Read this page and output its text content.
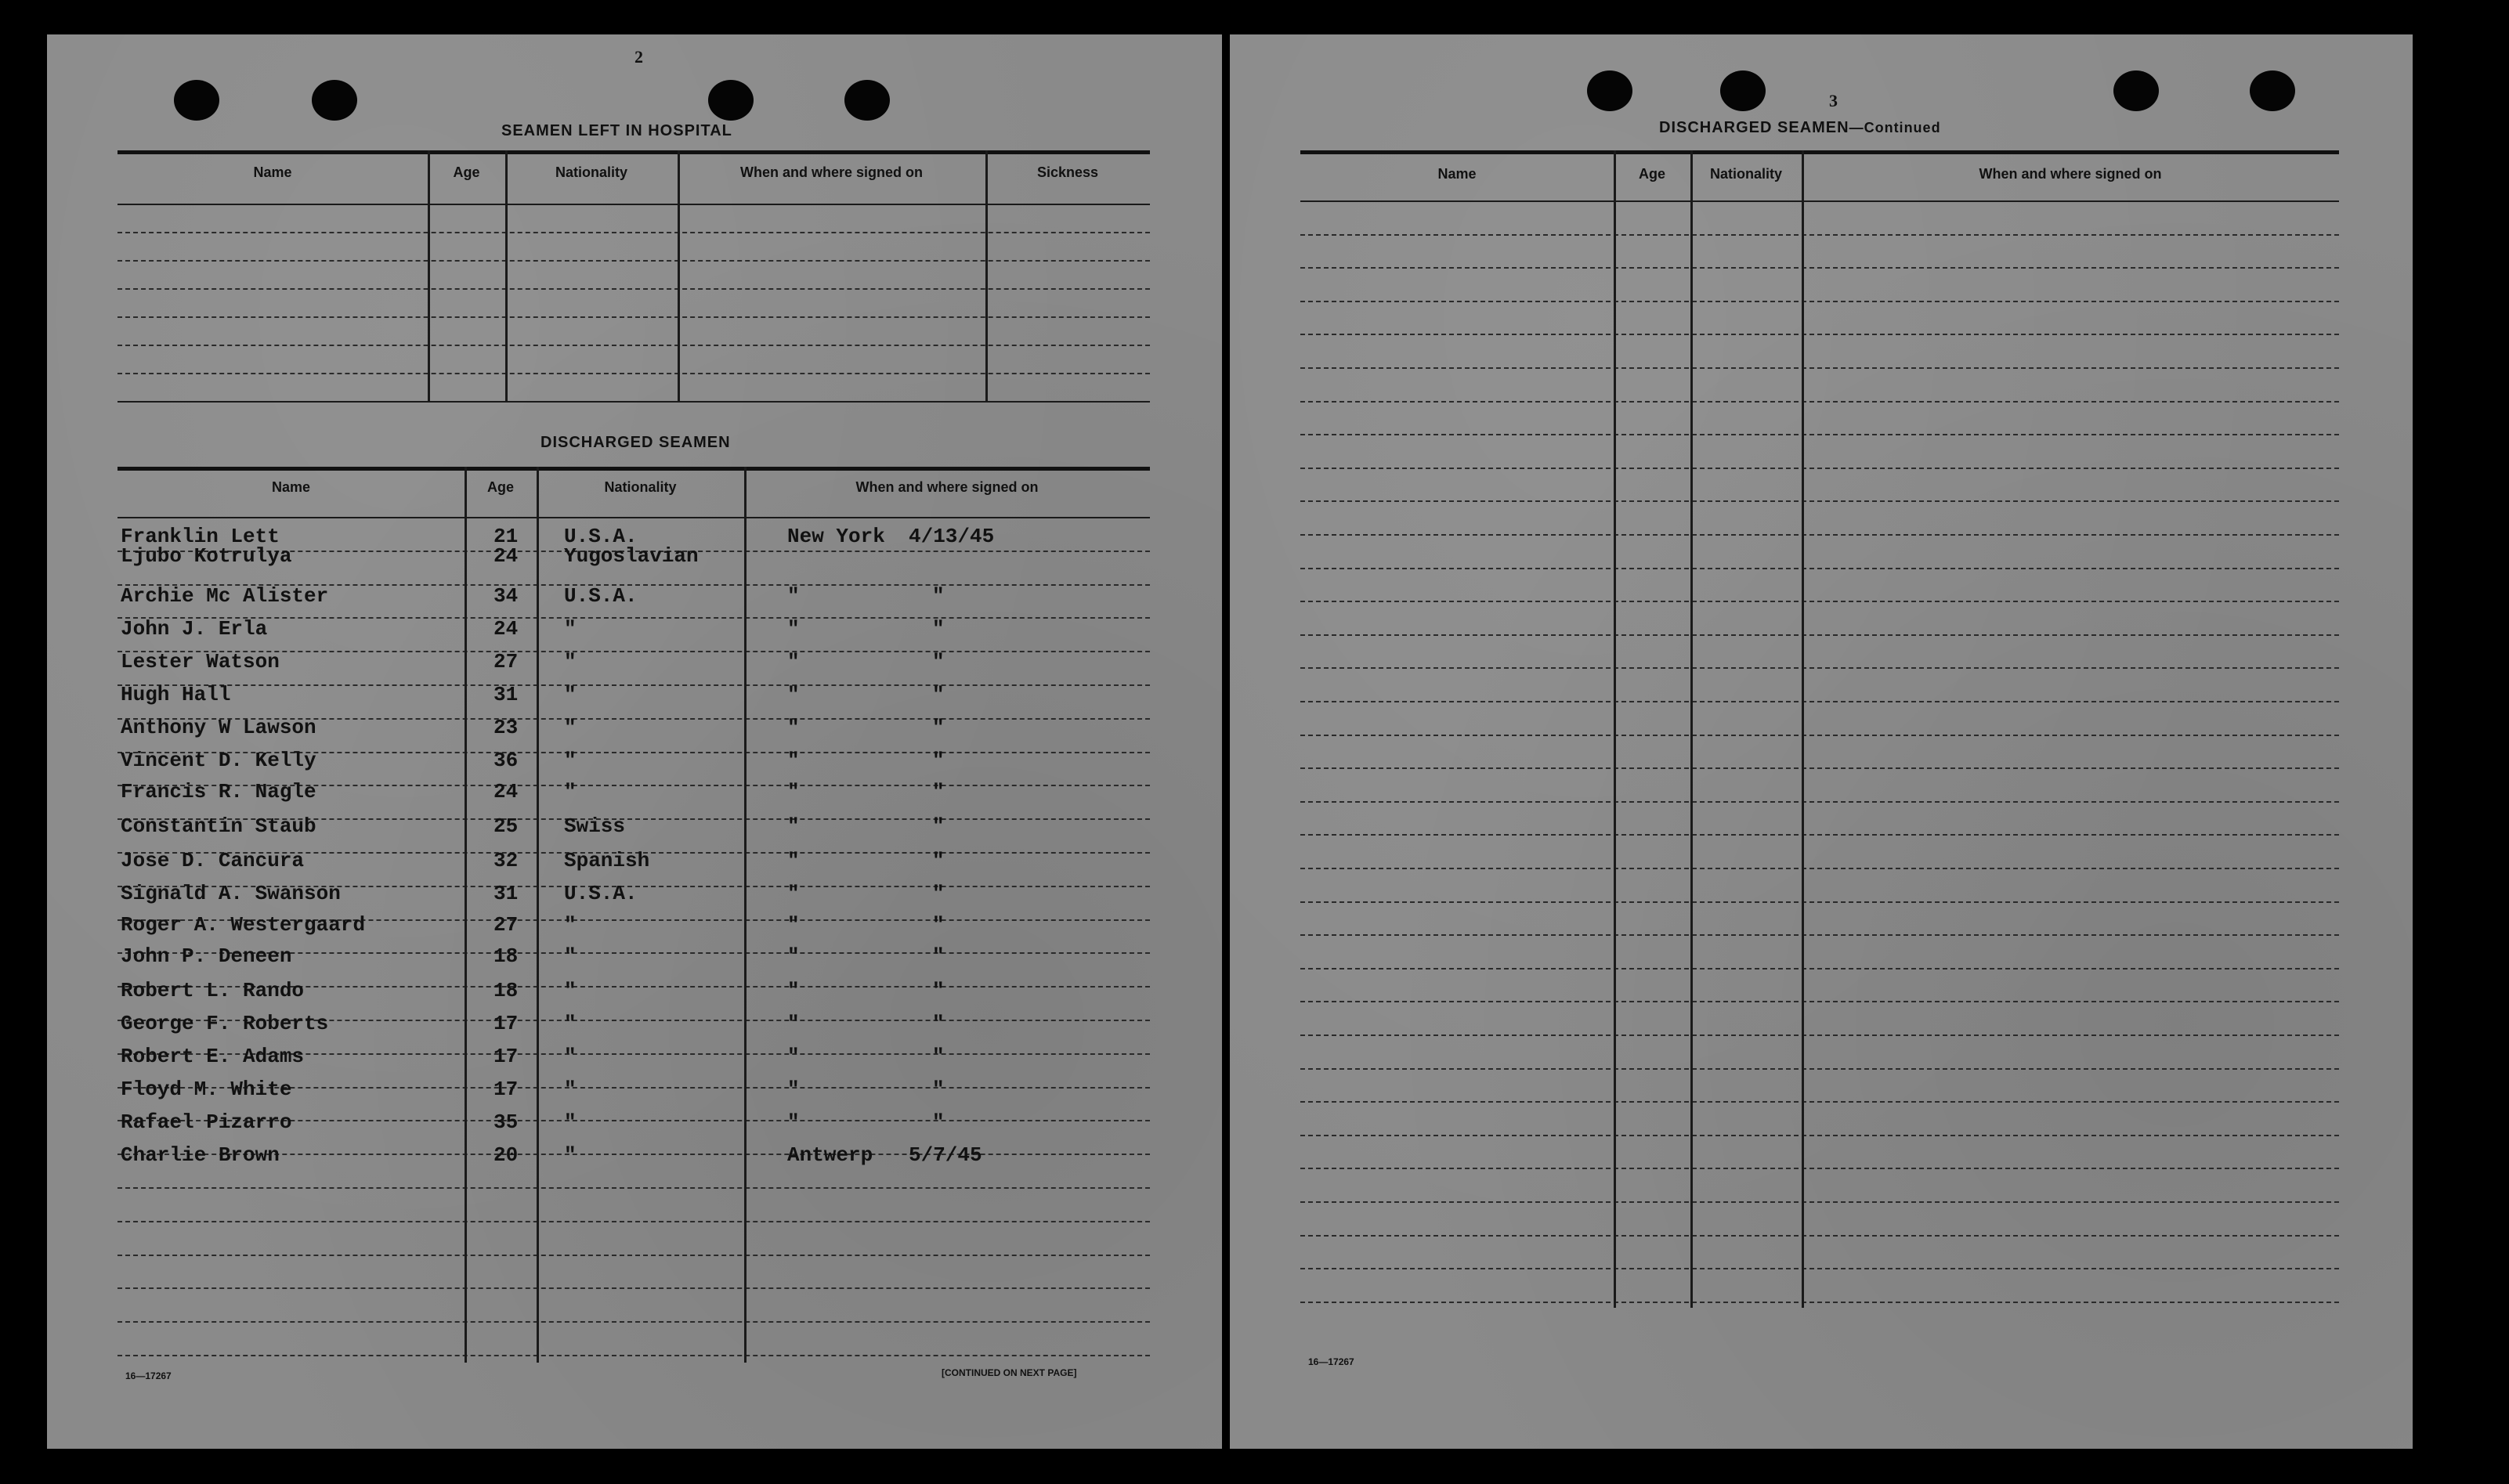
2
SEAMEN LEFT IN HOSPITAL
Name	Age	Nationality	When and where signed on	Sickness
DISCHARGED SEAMEN
Name	Age	Nationality	When and where signed on
Franklin Lett	21 U.S.A.	New York 4/13/45
Ljubo Kotrulya	24 Yugoslavian
Archie Mc Alister	34 U.S.A.	"	"
John J. Erla	24 "	"	"
Lester Watson	27 "	"	"
Hugh Hall	31 "	"	"
Anthony W Lawson	23 "	"	"
Vincent D. Kelly	36 "	"	"
Francis R. Nagle	24 "	"	"
Constantin Staub	25 Swiss	"	"
Jose D. Cancura	32 Spanish	"	"
Signald A. Swanson	31 U.S.A.	"	"
Roger A. Westergaard	27 "	"	"
John P. Deneen	18 "	"	"
Robert L. Rando	18 "	"	"
George F. Roberts	17 "	"	"
Robert E. Adams	17 "	"	"
Floyd M. White	17 "	"	"
Rafael Pizarro	35 "	"	"
Charlie Brown	20 "	Antwerp 5/7/45
16—17267	[CONTINUED ON NEXT PAGE]
3
DISCHARGED SEAMEN—Continued
Name	Age	Nationality	When and where signed on
16—17267
